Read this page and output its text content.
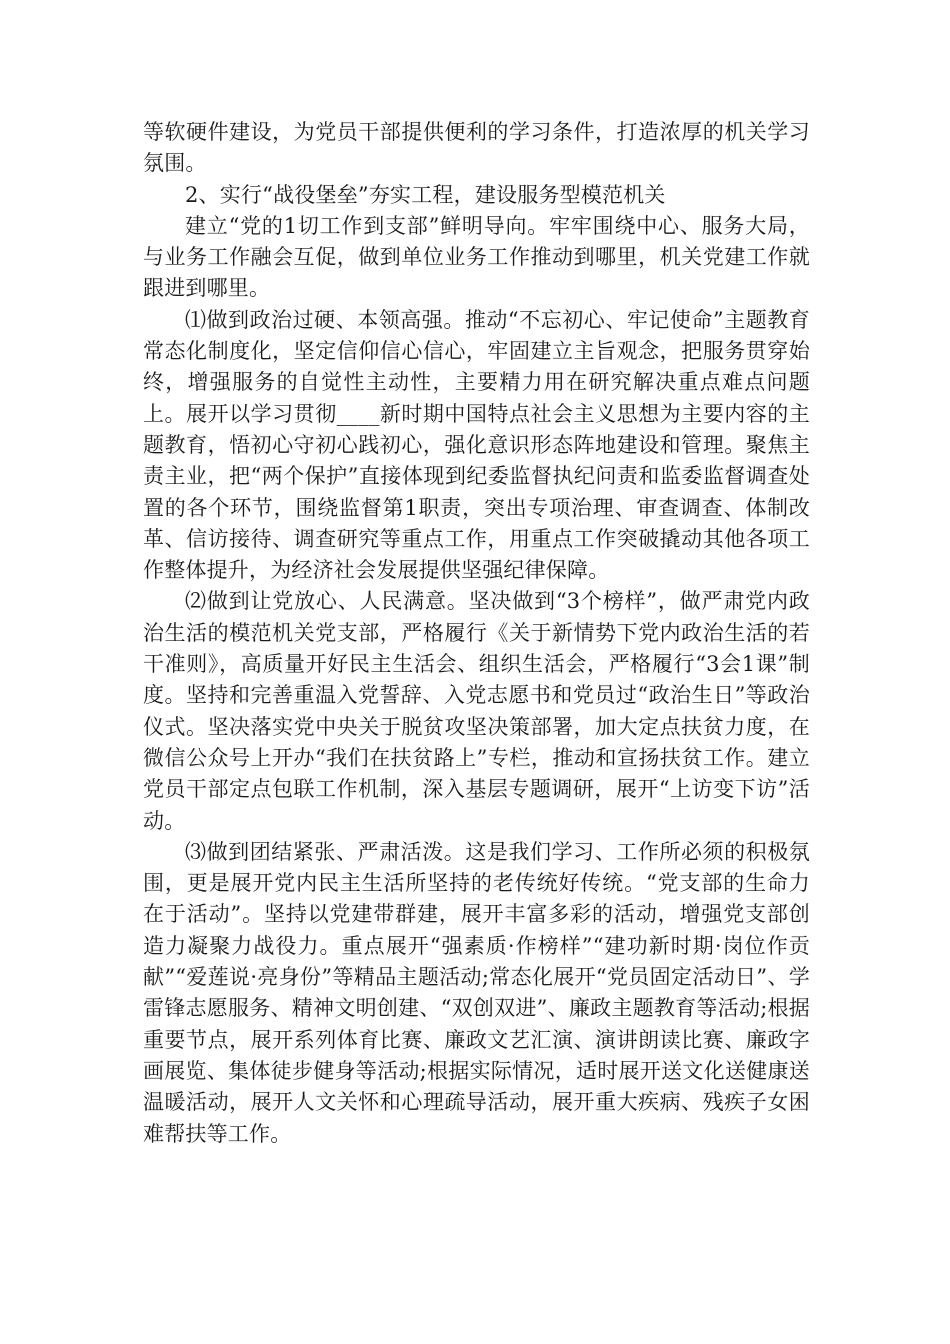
等软硬件建设，为党员干部提供便利的学习条件，打造浓厚的机关学习氛围。

2、实行“战役堡垒”夯实工程，建设服务型模范机关

建立“党的1切工作到支部”鲜明导向。牢牢围绕中心、服务大局，与业务工作融会互促，做到单位业务工作推动到哪里，机关党建工作就跟进到哪里。

⑴做到政治过硬、本领高强。推动“不忘初心、牢记使命”主题教育常态化制度化，坚定信仰信心信心，牢固建立主旨观念，把服务贯穿始终，增强服务的自觉性主动性，主要精力用在研究解决重点难点问题上。展开以学习贯彻____新时期中国特点社会主义思想为主要内容的主题教育，悟初心守初心践初心，强化意识形态阵地建设和管理。聚焦主责主业，把“两个保护”直接体现到纪委监督执纪问责和监委监督调查处置的各个环节，围绕监督第1职责，突出专项治理、审查调查、体制改革、信访接待、调查研究等重点工作，用重点工作突破撬动其他各项工作整体提升，为经济社会发展提供坚强纪律保障。

⑵做到让党放心、人民满意。坚决做到“3个榜样”，做严肃党内政治生活的模范机关党支部，严格履行《关于新情势下党内政治生活的若干准则》，高质量开好民主生活会、组织生活会，严格履行“3会1课”制度。坚持和完善重温入党誓辞、入党志愿书和党员过“政治生日”等政治仪式。坚决落实党中央关于脱贫攻坚决策部署，加大定点扶贫力度，在微信公众号上开办“我们在扶贫路上”专栏，推动和宣扬扶贫工作。建立党员干部定点包联工作机制，深入基层专题调研，展开“上访变下访”活动。

⑶做到团结紧张、严肃活泼。这是我们学习、工作所必须的积极氛围，更是展开党内民主生活所坚持的老传统好传统。“党支部的生命力在于活动”。坚持以党建带群建，展开丰富多彩的活动，增强党支部创造力凝聚力战役力。重点展开“强素质·作榜样”“建功新时期·岗位作贡献”“爱莲说·亮身份”等精品主题活动;常态化展开“党员固定活动日”、学雷锋志愿服务、精神文明创建、“双创双进”、廉政主题教育等活动;根据重要节点，展开系列体育比赛、廉政文艺汇演、演讲朗读比赛、廉政字画展览、集体徒步健身等活动;根据实际情况，适时展开送文化送健康送温暖活动，展开人文关怀和心理疏导活动，展开重大疾病、残疾子女困难帮扶等工作。
